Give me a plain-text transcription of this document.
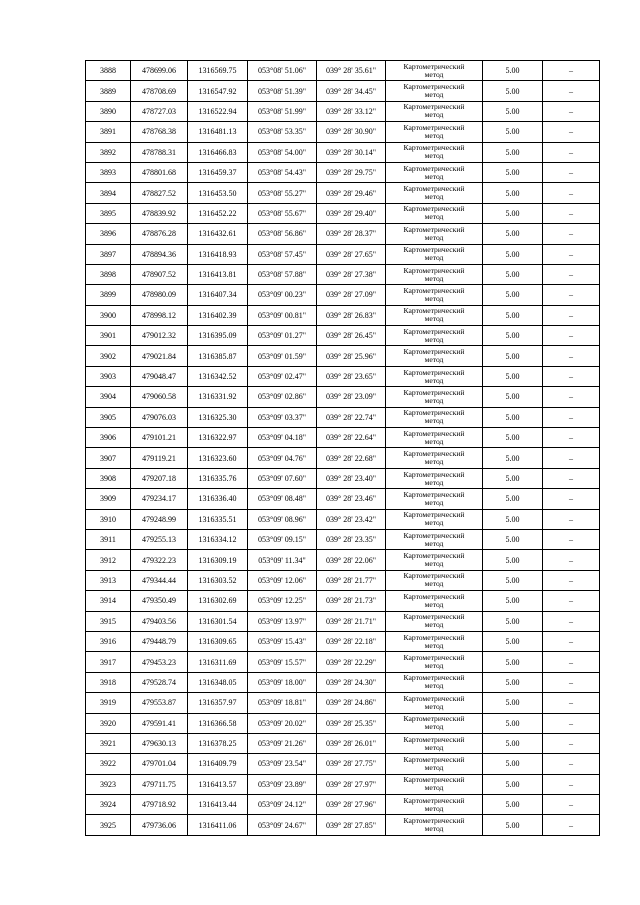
3888	478699.06	1316569.75	053°08' 51.06"	039° 28' 35.61"	Картометрический
метод	5.00	–
3889	478708.69	1316547.92	053°08' 51.39"	039° 28' 34.45"	Картометрический
метод	5.00	–
3890	478727.03	1316522.94	053°08' 51.99"	039° 28' 33.12"	Картометрический
метод	5.00	–
3891	478768.38	1316481.13	053°08' 53.35"	039° 28' 30.90"	Картометрический
метод	5.00	–
3892	478788.31	1316466.83	053°08' 54.00"	039° 28' 30.14"	Картометрический
метод	5.00	–
3893	478801.68	1316459.37	053°08' 54.43"	039° 28' 29.75"	Картометрический
метод	5.00	–
3894	478827.52	1316453.50	053°08' 55.27"	039° 28' 29.46"	Картометрический
метод	5.00	–
3895	478839.92	1316452.22	053°08' 55.67"	039° 28' 29.40"	Картометрический
метод	5.00	–
3896	478876.28	1316432.61	053°08' 56.86"	039° 28' 28.37"	Картометрический
метод	5.00	–
3897	478894.36	1316418.93	053°08' 57.45"	039° 28' 27.65"	Картометрический
метод	5.00	–
3898	478907.52	1316413.81	053°08' 57.88"	039° 28' 27.38"	Картометрический
метод	5.00	–
3899	478980.09	1316407.34	053°09' 00.23"	039° 28' 27.09"	Картометрический
метод	5.00	–
3900	478998.12	1316402.39	053°09' 00.81"	039° 28' 26.83"	Картометрический
метод	5.00	–
3901	479012.32	1316395.09	053°09' 01.27"	039° 28' 26.45"	Картометрический
метод	5.00	–
3902	479021.84	1316385.87	053°09' 01.59"	039° 28' 25.96"	Картометрический
метод	5.00	–
3903	479048.47	1316342.52	053°09' 02.47"	039° 28' 23.65"	Картометрический
метод	5.00	–
3904	479060.58	1316331.92	053°09' 02.86"	039° 28' 23.09"	Картометрический
метод	5.00	–
3905	479076.03	1316325.30	053°09' 03.37"	039° 28' 22.74"	Картометрический
метод	5.00	–
3906	479101.21	1316322.97	053°09' 04.18"	039° 28' 22.64"	Картометрический
метод	5.00	–
3907	479119.21	1316323.60	053°09' 04.76"	039° 28' 22.68"	Картометрический
метод	5.00	–
3908	479207.18	1316335.76	053°09' 07.60"	039° 28' 23.40"	Картометрический
метод	5.00	–
3909	479234.17	1316336.40	053°09' 08.48"	039° 28' 23.46"	Картометрический
метод	5.00	–
3910	479248.99	1316335.51	053°09' 08.96"	039° 28' 23.42"	Картометрический
метод	5.00	–
3911	479255.13	1316334.12	053°09' 09.15"	039° 28' 23.35"	Картометрический
метод	5.00	–
3912	479322.23	1316309.19	053°09' 11.34"	039° 28' 22.06"	Картометрический
метод	5.00	–
3913	479344.44	1316303.52	053°09' 12.06"	039° 28' 21.77"	Картометрический
метод	5.00	–
3914	479350.49	1316302.69	053°09' 12.25"	039° 28' 21.73"	Картометрический
метод	5.00	–
3915	479403.56	1316301.54	053°09' 13.97"	039° 28' 21.71"	Картометрический
метод	5.00	–
3916	479448.79	1316309.65	053°09' 15.43"	039° 28' 22.18"	Картометрический
метод	5.00	–
3917	479453.23	1316311.69	053°09' 15.57"	039° 28' 22.29"	Картометрический
метод	5.00	–
3918	479528.74	1316348.05	053°09' 18.00"	039° 28' 24.30"	Картометрический
метод	5.00	–
3919	479553.87	1316357.97	053°09' 18.81"	039° 28' 24.86"	Картометрический
метод	5.00	–
3920	479591.41	1316366.58	053°09' 20.02"	039° 28' 25.35"	Картометрический
метод	5.00	–
3921	479630.13	1316378.25	053°09' 21.26"	039° 28' 26.01"	Картометрический
метод	5.00	–
3922	479701.04	1316409.79	053°09' 23.54"	039° 28' 27.75"	Картометрический
метод	5.00	–
3923	479711.75	1316413.57	053°09' 23.89"	039° 28' 27.97"	Картометрический
метод	5.00	–
3924	479718.92	1316413.44	053°09' 24.12"	039° 28' 27.96"	Картометрический
метод	5.00	–
3925	479736.06	1316411.06	053°09' 24.67"	039° 28' 27.85"	Картометрический
метод	5.00	–
